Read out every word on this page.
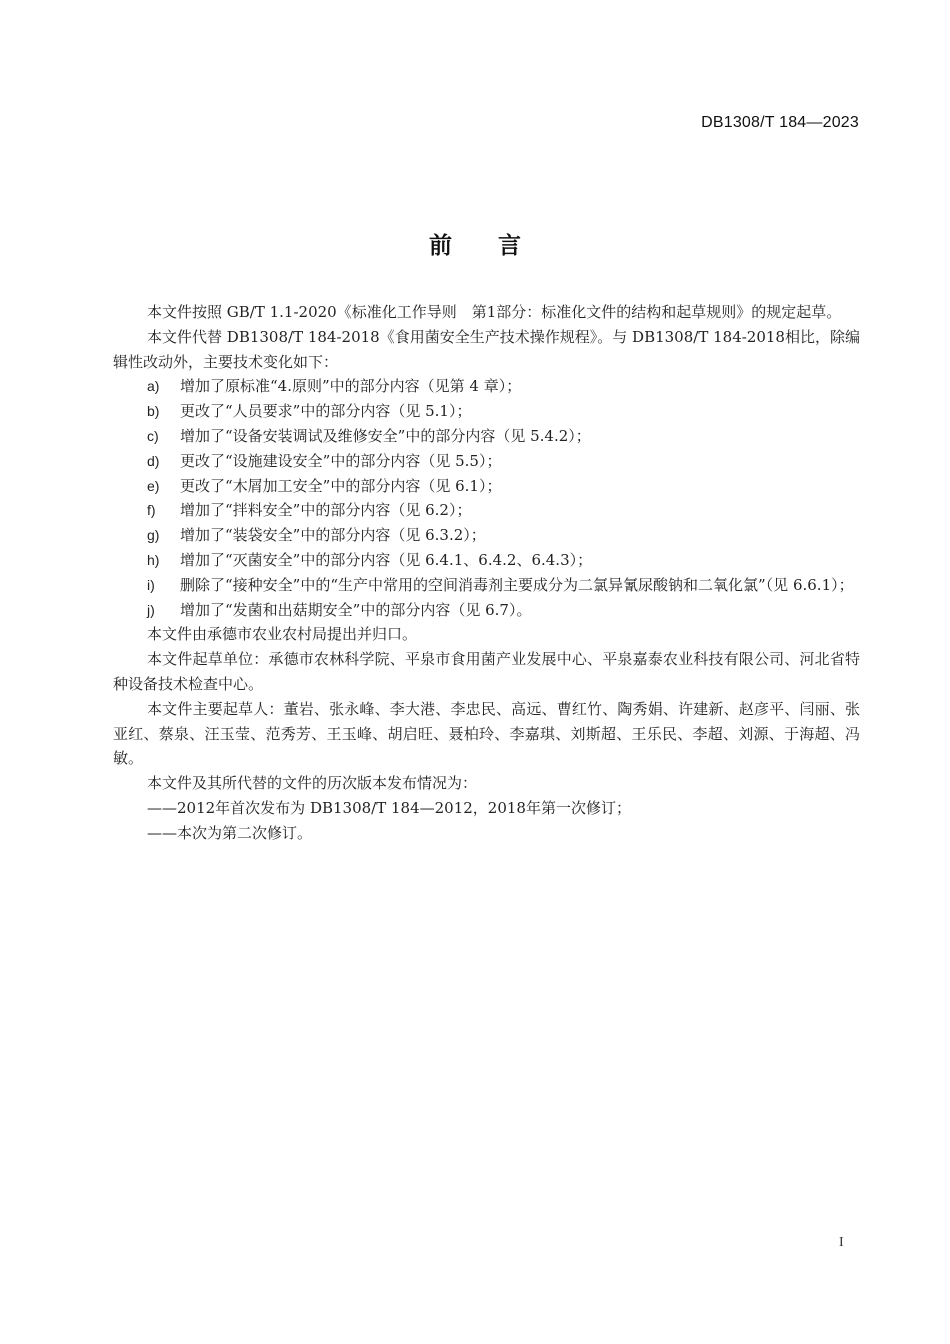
DB1308/T 184—2023
前言

本文件按照 GB/T 1.1-2020《标准化工作导则　第1部分：标准化文件的结构和起草规则》的规定起草。

本文件代替 DB1308/T 184-2018《食用菌安全生产技术操作规程》。与 DB1308/T 184-2018相比，除编辑性改动外，主要技术变化如下：

a) 增加了原标准“4.原则”中的部分内容（见第 4 章）；
b) 更改了“人员要求”中的部分内容（见 5.1）；
c) 增加了“设备安装调试及维修安全”中的部分内容（见 5.4.2）；
d) 更改了“设施建设安全”中的部分内容（见 5.5）；
e) 更改了“木屑加工安全”中的部分内容（见 6.1）；
f) 增加了“拌料安全”中的部分内容（见 6.2）；
g) 增加了“装袋安全”中的部分内容（见 6.3.2）；
h) 增加了“灭菌安全”中的部分内容（见 6.4.1、6.4.2、6.4.3）；
i) 删除了“接种安全”中的“生产中常用的空间消毒剂主要成分为二氯异氰尿酸钠和二氧化氯”（见 6.6.1）；
j) 增加了“发菌和出菇期安全”中的部分内容（见 6.7）。

本文件由承德市农业农村局提出并归口。

本文件起草单位：承德市农林科学院、平泉市食用菌产业发展中心、平泉嘉泰农业科技有限公司、河北省特种设备技术检查中心。

本文件主要起草人：董岩、张永峰、李大港、李忠民、高远、曹红竹、陶秀娟、许建新、赵彦平、闫丽、张亚红、蔡泉、汪玉莹、范秀芳、王玉峰、胡启旺、聂柏玲、李嘉琪、刘斯超、王乐民、李超、刘源、于海超、冯敏。

本文件及其所代替的文件的历次版本发布情况为：

——2012年首次发布为 DB1308/T 184—2012，2018年第一次修订；

——本次为第二次修订。

I
